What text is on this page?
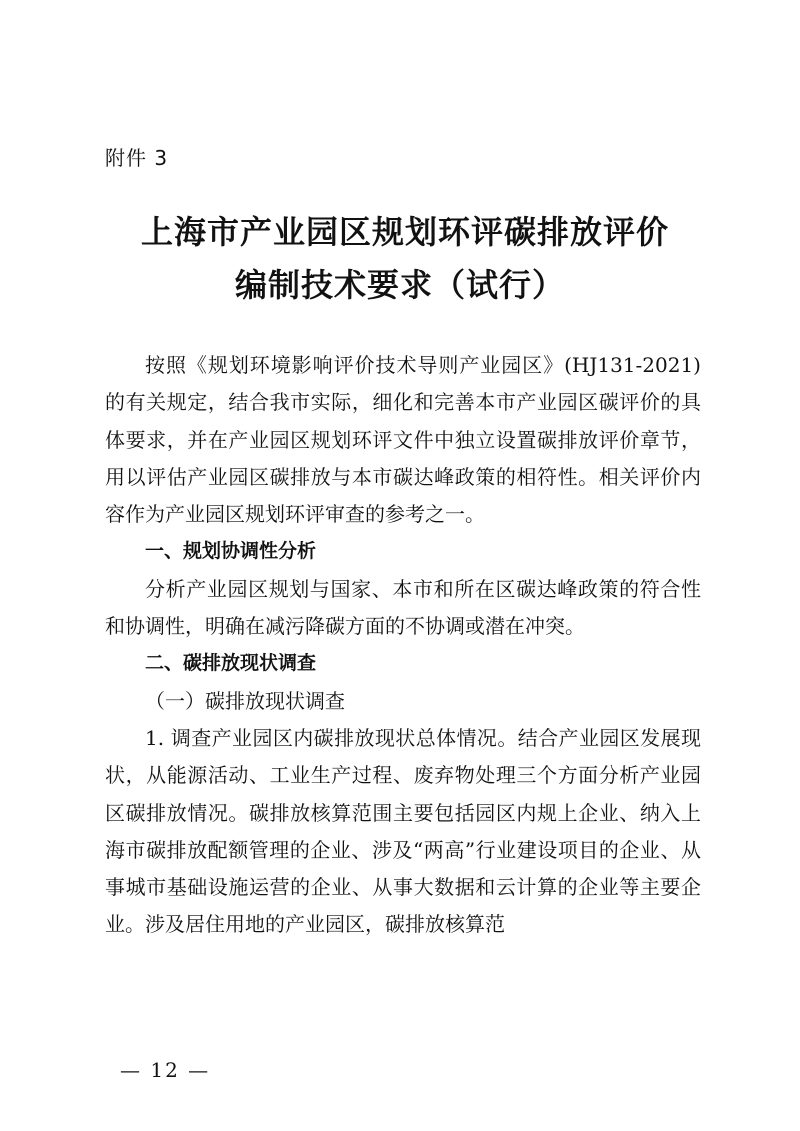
附件 3
上海市产业园区规划环评碳排放评价
编制技术要求（试行）

按照《规划环境影响评价技术导则产业园区》(HJ131-2021)的有关规定，结合我市实际，细化和完善本市产业园区碳评价的具体要求，并在产业园区规划环评文件中独立设置碳排放评价章节，用以评估产业园区碳排放与本市碳达峰政策的相符性。相关评价内容作为产业园区规划环评审查的参考之一。

一、规划协调性分析

分析产业园区规划与国家、本市和所在区碳达峰政策的符合性和协调性，明确在减污降碳方面的不协调或潜在冲突。

二、碳排放现状调查

（一）碳排放现状调查

1. 调查产业园区内碳排放现状总体情况。结合产业园区发展现状，从能源活动、工业生产过程、废弃物处理三个方面分析产业园区碳排放情况。碳排放核算范围主要包括园区内规上企业、纳入上海市碳排放配额管理的企业、涉及“两高”行业建设项目的企业、从事城市基础设施运营的企业、从事大数据和云计算的企业等主要企业。涉及居住用地的产业园区，碳排放核算范

— 12 —
